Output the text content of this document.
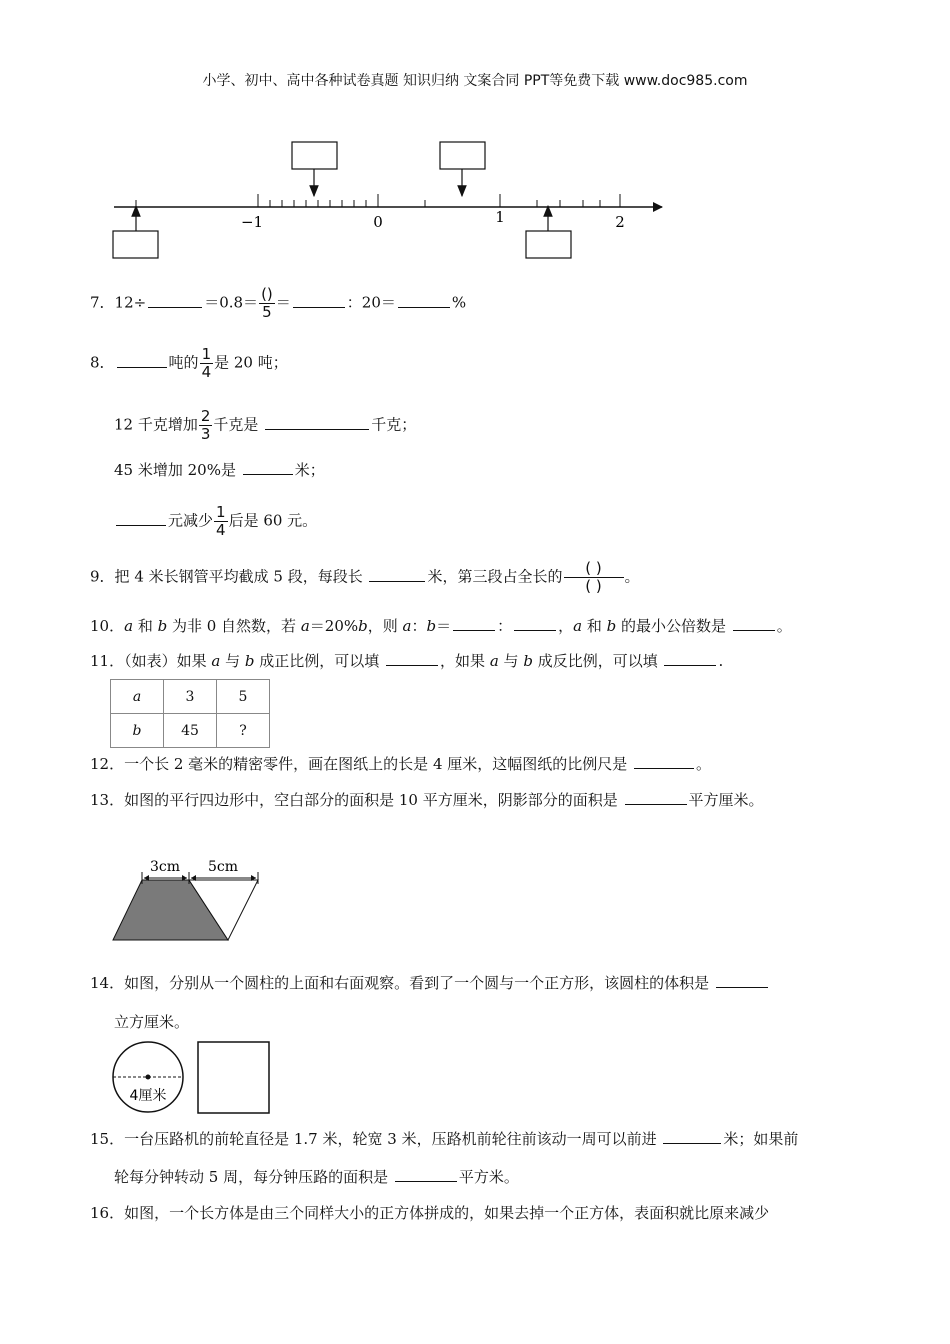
小学、初中、高中各种试卷真题 知识归纳 文案合同 PPT等免费下载 www.doc985.com
−1	0	1	2
7．12÷	$=0.8= \frac{()}{5}$ ＝	：20＝	%
8．	吨的 $\frac{1}{4}$ 是 20 吨；
12 千克增加 $\frac{2}{3}$ 千克是	千克；
45 米增加 20%是	米；
元减少 $\frac{1}{4}$ 后是 60 元。
9．把 4 米长钢管平均截成 5 段，每段长	米，第三段占全长的 $\frac{( )}{( )}$ 。
10．a 和 b 为非 0 自然数，若 a＝20%b，则 a：b＝	：	，a 和 b 的最小公倍数是	。
11．（如表）如果 a 与 b 成正比例，可以填	，如果 a 与 b 成反比例，可以填	.
a	3	5
b	45	?
12．一个长 2 毫米的精密零件，画在图纸上的长是 4 厘米，这幅图纸的比例尺是	。
13．如图的平行四边形中，空白部分的面积是 10 平方厘米，阴影部分的面积是	平方厘米。
3cm 5cm
14．如图，分别从一个圆柱的上面和右面观察。看到了一个圆与一个正方形，该圆柱的体积是
立方厘米。
4厘米
15．一台压路机的前轮直径是 1.7 米，轮宽 3 米，压路机前轮往前该动一周可以前进	米；如果前
轮每分钟转动 5 周，每分钟压路的面积是	平方米。
16．如图，一个长方体是由三个同样大小的正方体拼成的，如果去掉一个正方体，表面积就比原来减少
